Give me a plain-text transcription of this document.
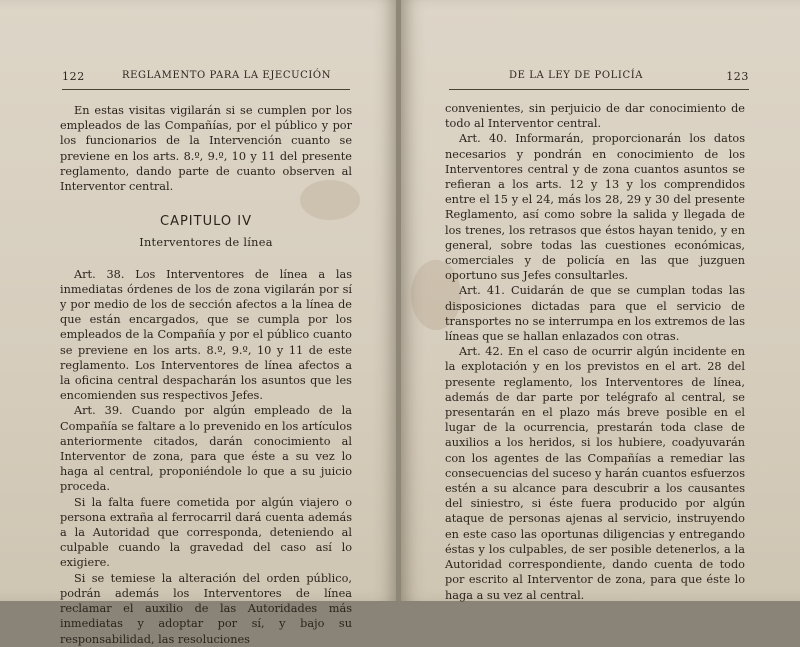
122	REGLAMENTO PARA LA EJECUCIÓN

En estas visitas vigilarán si se cumplen por los empleados de las Compañías, por el público y por los funcionarios de la Intervención cuanto se previene en los arts. 8.º, 9.º, 10 y 11 del presente reglamento, dando parte de cuanto observen al Interventor central.

CAPITULO IV
Interventores de línea

Art. 38. Los Interventores de línea a las inmediatas órdenes de los de zona vigilarán por sí y por medio de los de sección afectos a la línea de que están encargados, que se cumpla por los empleados de la Compañía y por el público cuanto se previene en los arts. 8.º, 9.º, 10 y 11 de este reglamento. Los Interventores de línea afectos a la oficina central despacharán los asuntos que les encomienden sus respectivos Jefes.

Art. 39. Cuando por algún empleado de la Compañía se faltare a lo prevenido en los artículos anteriormente citados, darán conocimiento al Interventor de zona, para que éste a su vez lo haga al central, proponiéndole lo que a su juicio proceda.

Si la falta fuere cometida por algún viajero o persona extraña al ferrocarril dará cuenta además a la Autoridad que corresponda, deteniendo al culpable cuando la gravedad del caso así lo exigiere.

Si se temiese la alteración del orden público, podrán además los Interventores de línea reclamar el auxilio de las Autoridades más inmediatas y adoptar por sí, y bajo su responsabilidad, las resoluciones

DE LA LEY DE POLICÍA	123

convenientes, sin perjuicio de dar conocimiento de todo al Interventor central.

Art. 40. Informarán, proporcionarán los datos necesarios y pondrán en conocimiento de los Interventores central y de zona cuantos asuntos se refieran a los arts. 12 y 13 y los comprendidos entre el 15 y el 24, más los 28, 29 y 30 del presente Reglamento, así como sobre la salida y llegada de los trenes, los retrasos que éstos hayan tenido, y en general, sobre todas las cuestiones económicas, comerciales y de policía en las que juzguen oportuno sus Jefes consultarles.

Art. 41. Cuidarán de que se cumplan todas las disposiciones dictadas para que el servicio de transportes no se interrumpa en los extremos de las líneas que se hallan enlazados con otras.

Art. 42. En el caso de ocurrir algún incidente en la explotación y en los previstos en el art. 28 del presente reglamento, los Interventores de línea, además de dar parte por telégrafo al central, se presentarán en el plazo más breve posible en el lugar de la ocurrencia, prestarán toda clase de auxilios a los heridos, si los hubiere, coadyuvarán con los agentes de las Compañías a remediar las consecuencias del suceso y harán cuantos esfuerzos estén a su alcance para descubrir a los causantes del siniestro, si éste fuera producido por algún ataque de personas ajenas al servicio, instruyendo en este caso las oportunas diligencias y entregando éstas y los culpables, de ser posible detenerlos, a la Autoridad correspondiente, dando cuenta de todo por escrito al Interventor de zona, para que éste lo haga a su vez al central.
